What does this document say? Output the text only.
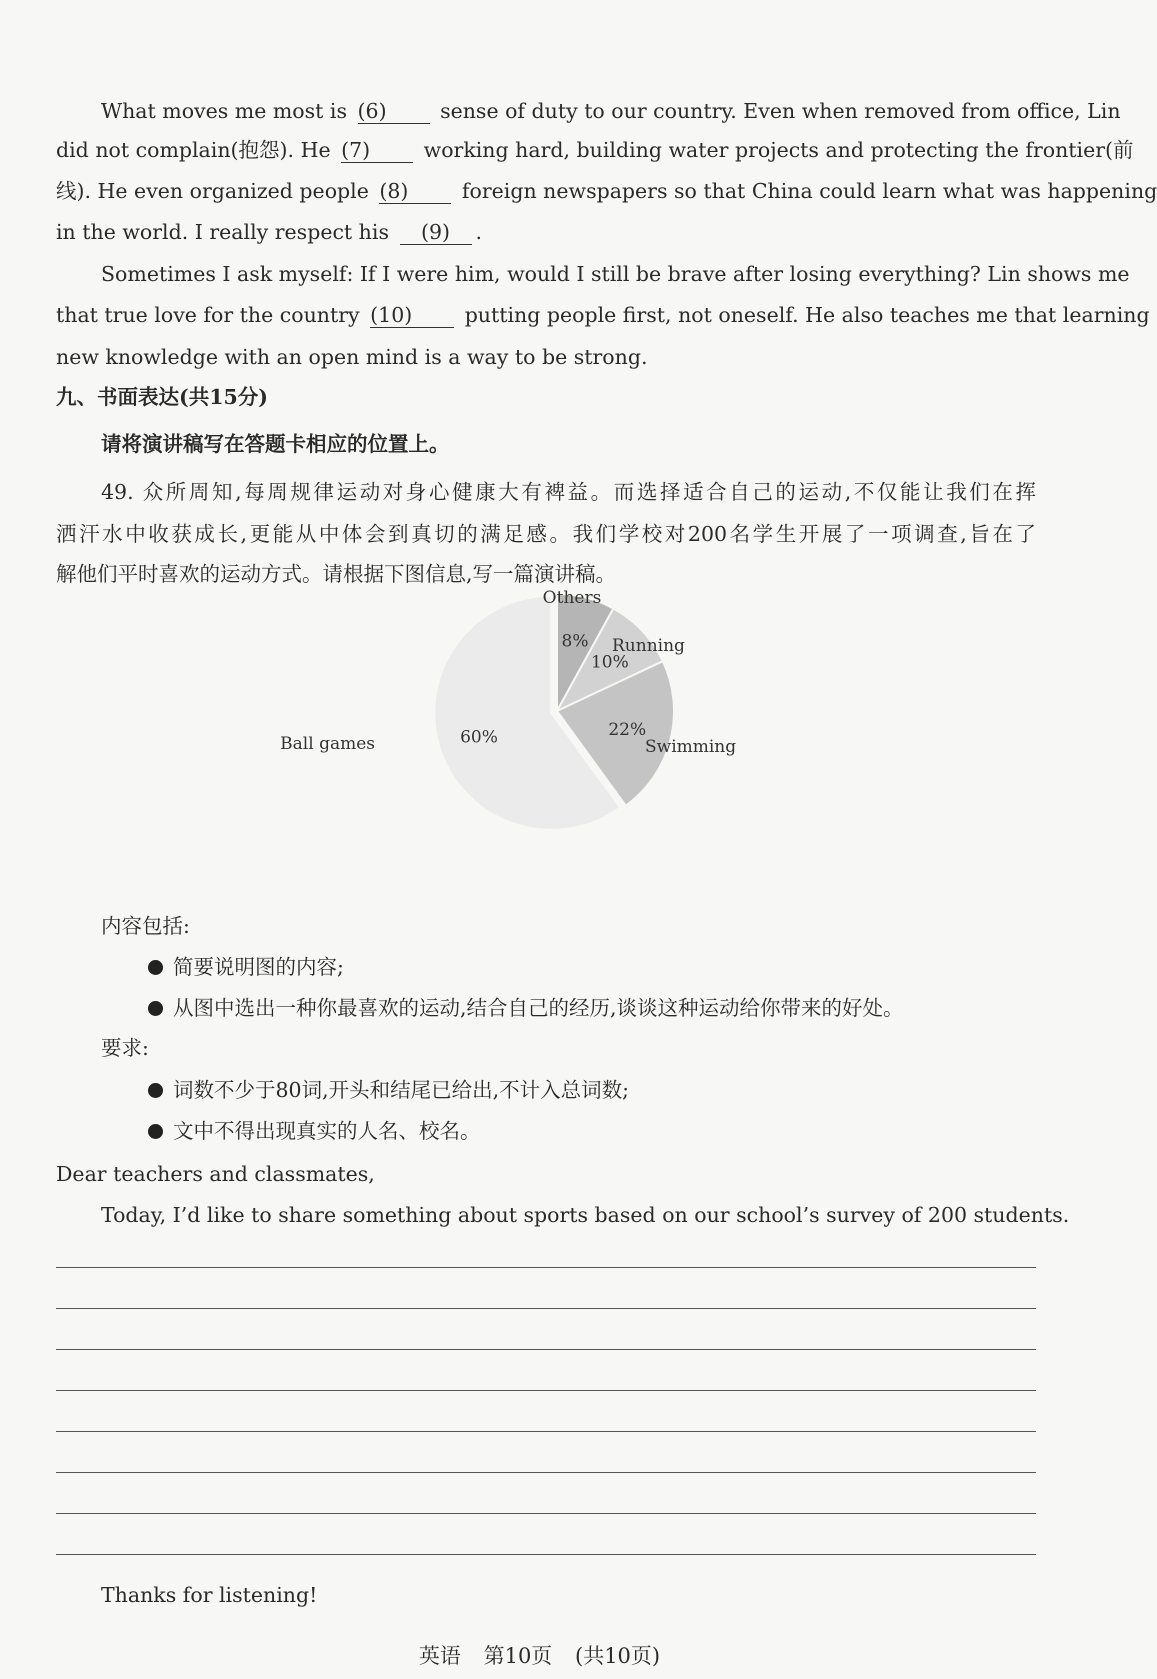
What moves me most is (6)	sense of duty to our country. Even when removed from office, Lin
did not complain(抱怨). He (7)	working hard, building water projects and protecting the frontier(前
线). He even organized people (8)	foreign newspapers so that China could learn what was happening
in the world. I really respect his (9) .
Sometimes I ask myself: If I were him, would I still be brave after losing everything? Lin shows me
that true love for the country (10)	putting people first, not oneself. He also teaches me that learning
new knowledge with an open mind is a way to be strong.
九、书面表达(共15分)
请将演讲稿写在答题卡相应的位置上。
49. 众所周知,每周规律运动对身心健康大有裨益。而选择适合自己的运动,不仅能让我们在挥
洒汗水中收获成长,更能从中体会到真切的满足感。我们学校对200名学生开展了一项调查,旨在了
解他们平时喜欢的运动方式。请根据下图信息,写一篇演讲稿。
8%
Others
10%
Running
22%
Swimming
60%
Ball games
内容包括:
简要说明图的内容;
从图中选出一种你最喜欢的运动,结合自己的经历,谈谈这种运动给你带来的好处。
要求:
词数不少于80词,开头和结尾已给出,不计入总词数;
文中不得出现真实的人名、校名。
Dear teachers and classmates,
Today, I’d like to share something about sports based on our school’s survey of 200 students.
Thanks for listening!
英语 第10页 (共10页)
